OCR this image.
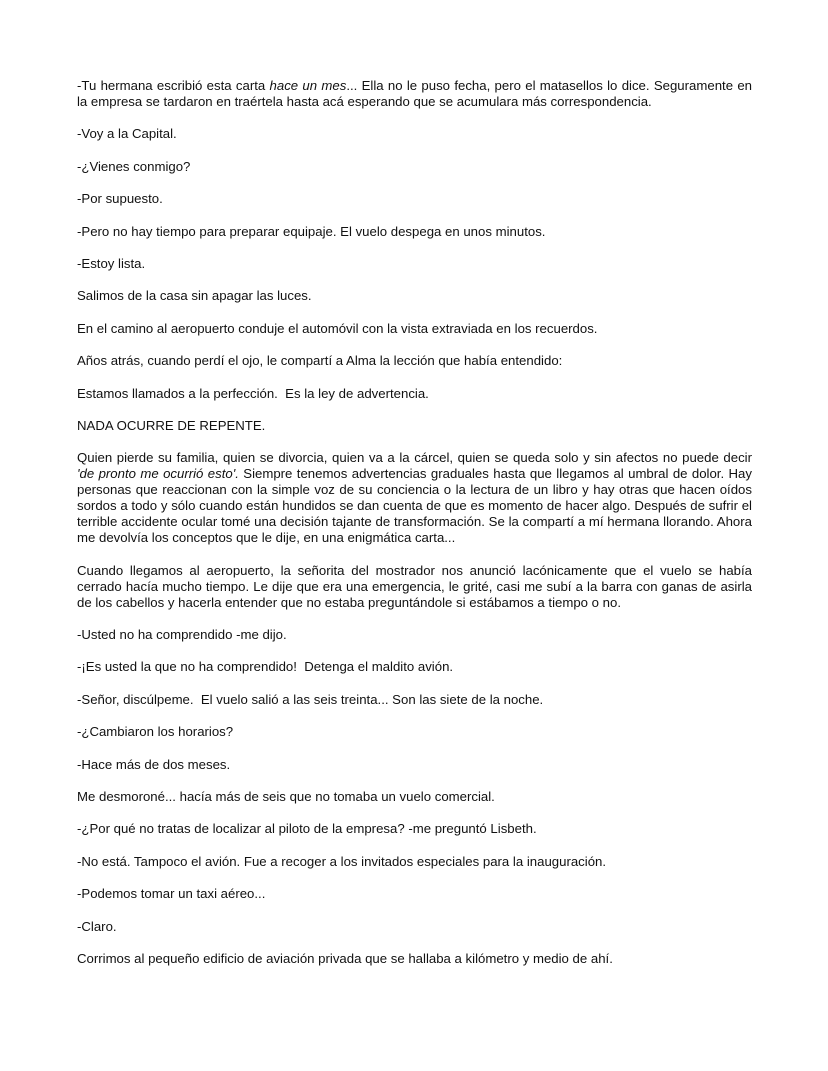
-Tu hermana escribió esta carta hace un mes... Ella no le puso fecha, pero el matasellos lo dice. Seguramente en la empresa se tardaron en traértela hasta acá esperando que se acumulara más correspondencia.

-Voy a la Capital.

-¿Vienes conmigo?

-Por supuesto.

-Pero no hay tiempo para preparar equipaje. El vuelo despega en unos minutos.

-Estoy lista.

Salimos de la casa sin apagar las luces.

En el camino al aeropuerto conduje el automóvil con la vista extraviada en los recuerdos.

Años atrás, cuando perdí el ojo, le compartí a Alma la lección que había entendido:

Estamos llamados a la perfección.  Es la ley de advertencia.

NADA OCURRE DE REPENTE.

Quien pierde su familia, quien se divorcia, quien va a la cárcel, quien se queda solo y sin afectos no puede decir 'de pronto me ocurrió esto'. Siempre tenemos advertencias graduales hasta que llegamos al umbral de dolor. Hay personas que reaccionan con la simple voz de su conciencia o la lectura de un libro y hay otras que hacen oídos sordos a todo y sólo cuando están hundidos se dan cuenta de que es momento de hacer algo. Después de sufrir el terrible accidente ocular tomé una decisión tajante de transformación. Se la compartí a mí hermana llorando. Ahora me devolvía los conceptos que le dije, en una enigmática carta...

Cuando llegamos al aeropuerto, la señorita del mostrador nos anunció lacónicamente que el vuelo se había cerrado hacía mucho tiempo. Le dije que era una emergencia, le grité, casi me subí a la barra con ganas de asirla de los cabellos y hacerla entender que no estaba preguntándole si estábamos a tiempo o no.

-Usted no ha comprendido -me dijo.

-¡Es usted la que no ha comprendido!  Detenga el maldito avión.

-Señor, discúlpeme.  El vuelo salió a las seis treinta... Son las siete de la noche.

-¿Cambiaron los horarios?

-Hace más de dos meses.

Me desmoroné... hacía más de seis que no tomaba un vuelo comercial.

-¿Por qué no tratas de localizar al piloto de la empresa? -me preguntó Lisbeth.

-No está. Tampoco el avión. Fue a recoger a los invitados especiales para la inauguración.

-Podemos tomar un taxi aéreo...

-Claro.

Corrimos al pequeño edificio de aviación privada que se hallaba a kilómetro y medio de ahí.
